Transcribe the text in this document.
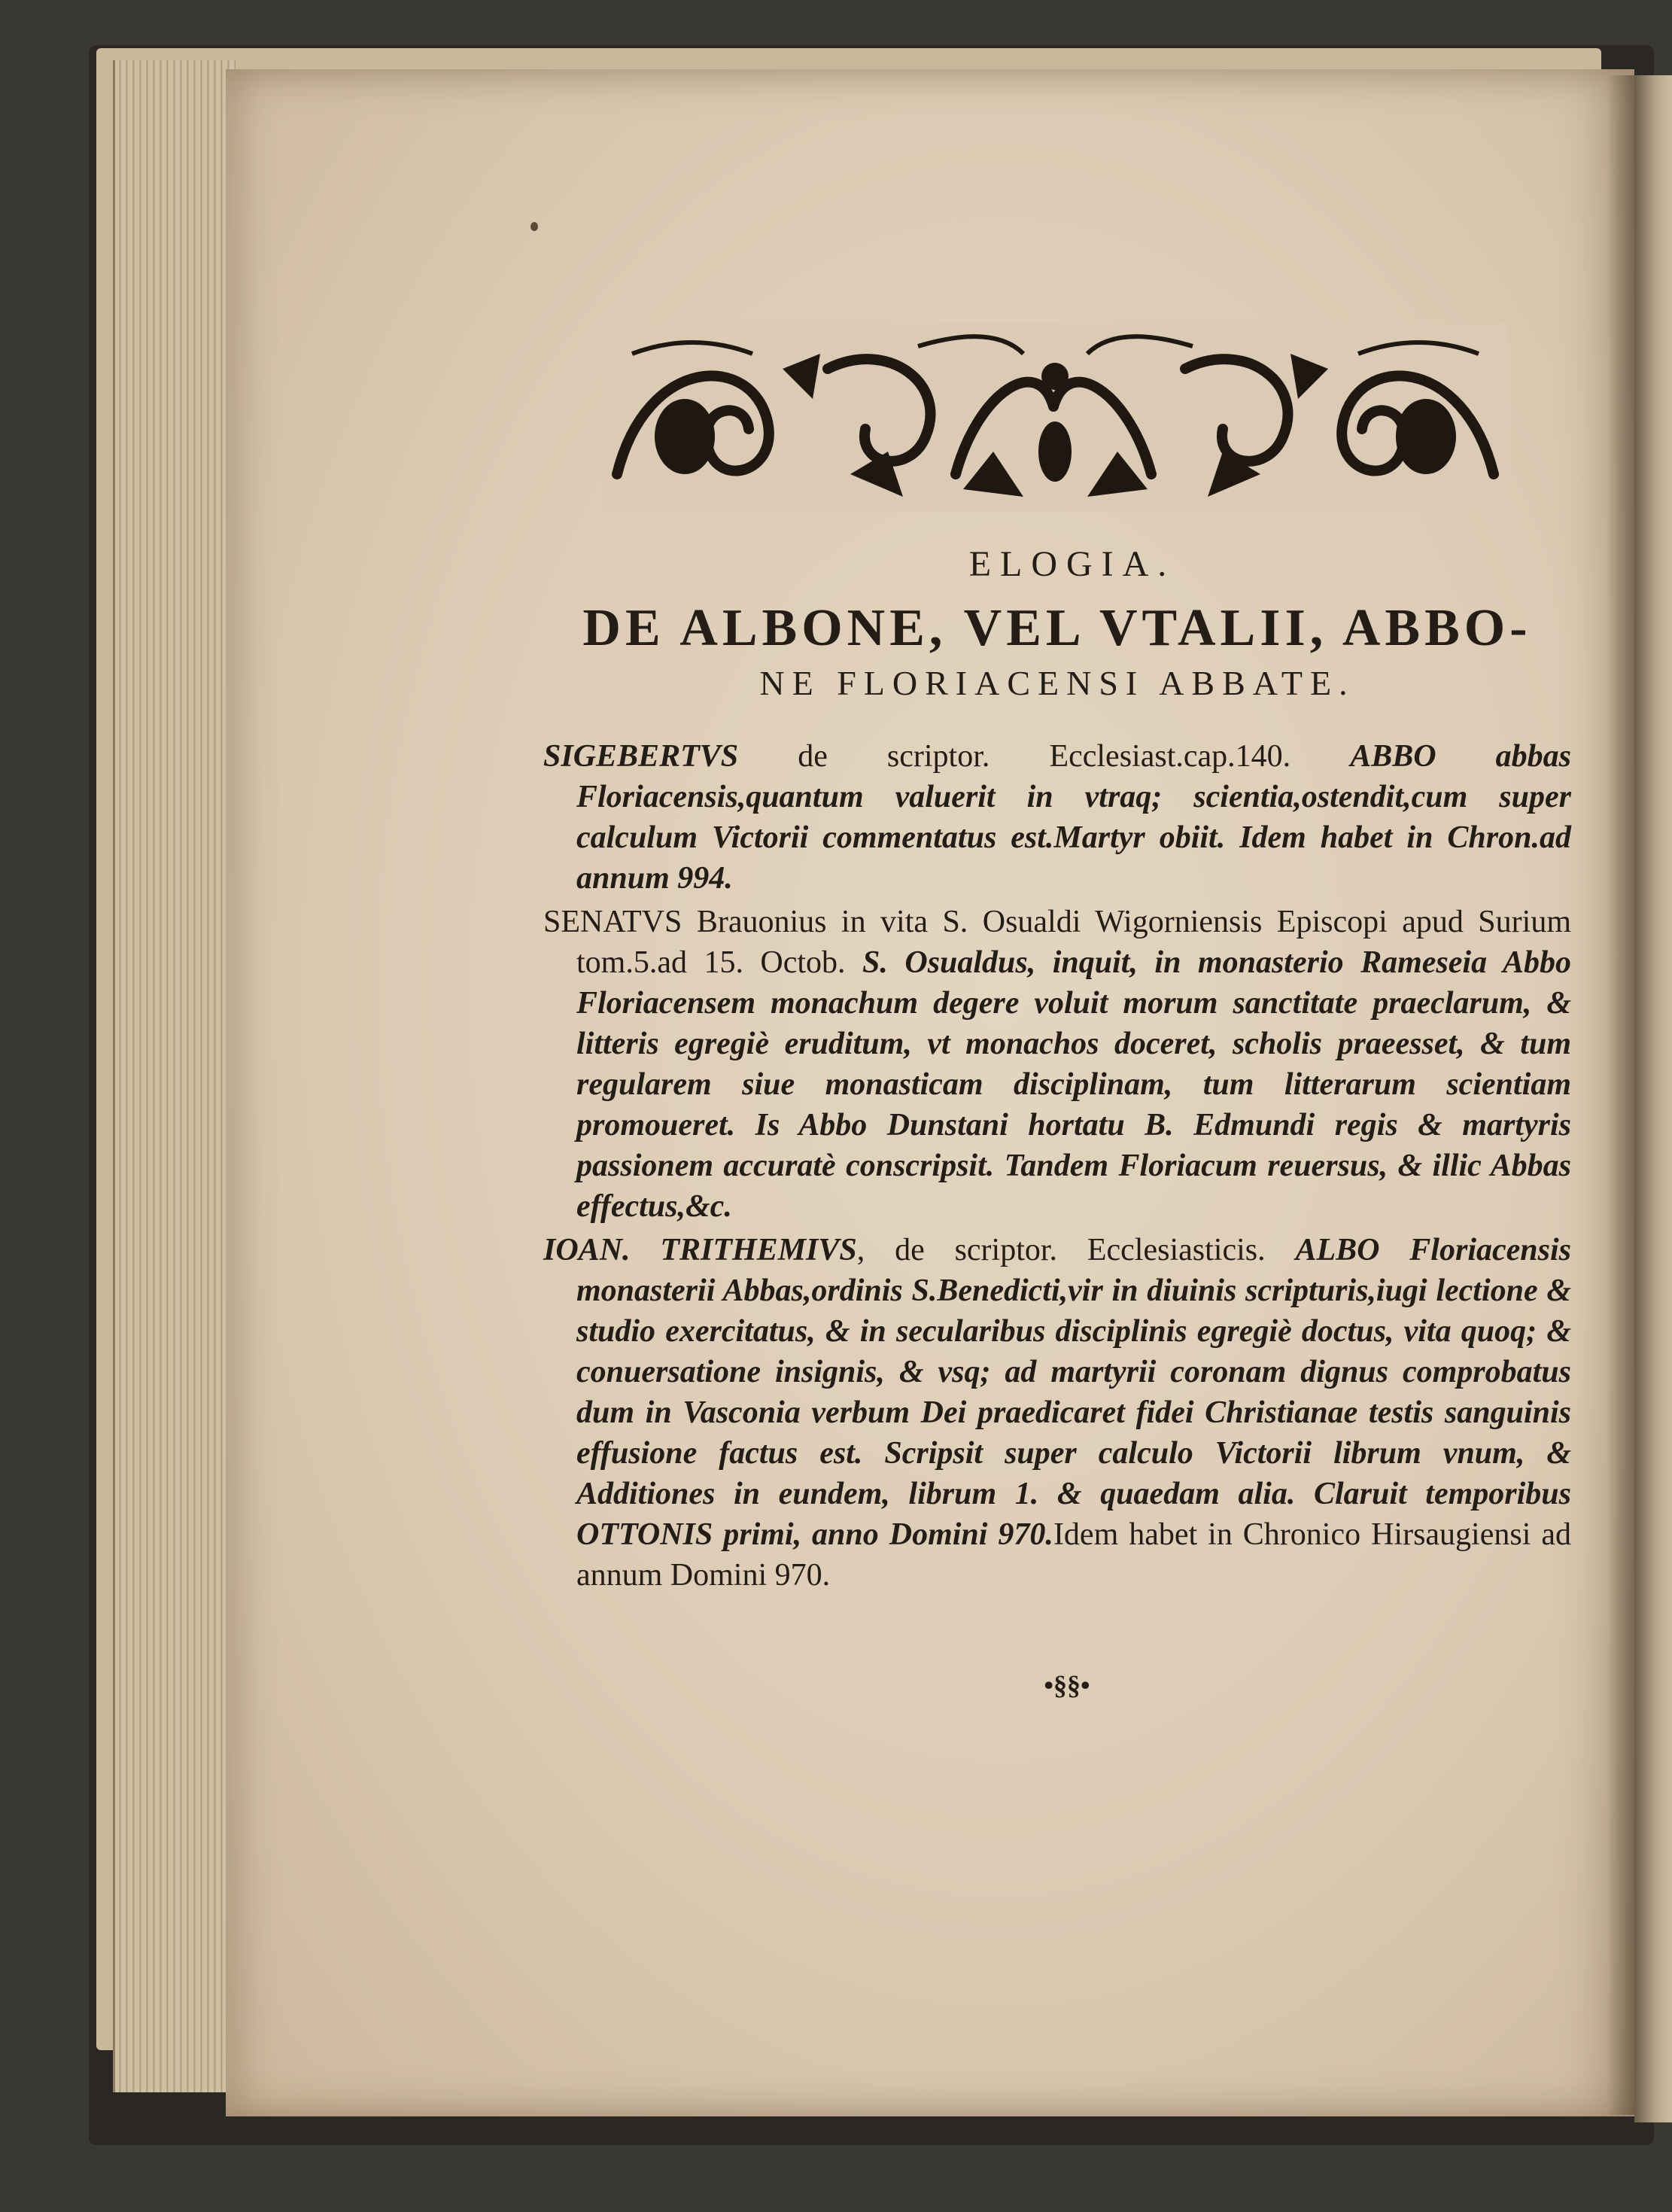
ELOGIA.

DE ALBONE, VEL VTALII, ABBO-

NE FLORIACENSI ABBATE.

SIGEBERTVS de scriptor. Ecclesiast.cap.140. ABBO abbas Floriacensis,quantum valuerit in vtraq; scientia,ostendit,cum super calculum Victorii commentatus est.Martyr obiit. Idem habet in Chron.ad annum 994.

SENATVS Brauonius in vita S. Osualdi Wigorniensis Episcopi apud Surium tom.5.ad 15. Octob. S. Osualdus, inquit, in monasterio Rameseia Abbo Floriacensem monachum degere voluit morum sanctitate praeclarum, & litteris egregiè eruditum, vt monachos doceret, scholis praeesset, & tum regularem siue monasticam disciplinam, tum litterarum scientiam promoueret. Is Abbo Dunstani hortatu B. Edmundi regis & martyris passionem accuratè conscripsit. Tandem Floriacum reuersus, & illic Abbas effectus,&c.

IOAN. TRITHEMIVS, de scriptor. Ecclesiasticis. ALBO Floriacensis monasterii Abbas,ordinis S.Benedicti,vir in diuinis scripturis,iugi lectione & studio exercitatus, & in secularibus disciplinis egregiè doctus, vita quoq; & conuersatione insignis, & vsq; ad martyrii coronam dignus comprobatus dum in Vasconia verbum Dei praedicaret fidei Christianae testis sanguinis effusione factus est. Scripsit super calculo Victorii librum vnum, & Additiones in eundem, librum 1. & quaedam alia. Claruit temporibus OTTONIS primi, anno Domini 970.Idem habet in Chronico Hirsaugiensi ad annum Domini 970.

•§§•
